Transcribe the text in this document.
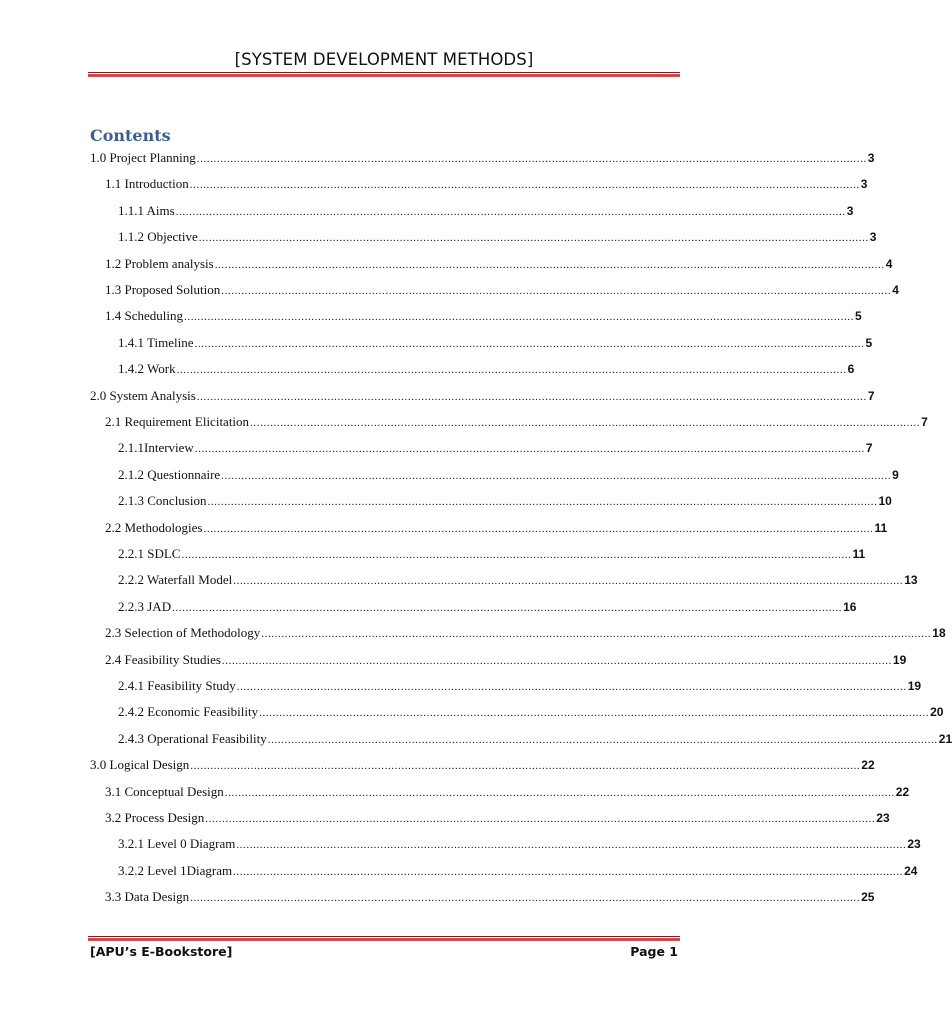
[SYSTEM DEVELOPMENT METHODS]
Contents
1.0 Project Planning ........................................................................................................................................................................................................ 3
1.1 Introduction ........................................................................................................................................................................................................ 3
1.1.1 Aims ........................................................................................................................................................................................................ 3
1.1.2 Objective ........................................................................................................................................................................................................ 3
1.2 Problem analysis ........................................................................................................................................................................................................ 4
1.3 Proposed Solution ........................................................................................................................................................................................................ 4
1.4 Scheduling ........................................................................................................................................................................................................ 5
1.4.1 Timeline ........................................................................................................................................................................................................ 5
1.4.2 Work ........................................................................................................................................................................................................ 6
2.0 System Analysis ........................................................................................................................................................................................................ 7
2.1 Requirement Elicitation ........................................................................................................................................................................................................ 7
2.1.1Interview ........................................................................................................................................................................................................ 7
2.1.2 Questionnaire ........................................................................................................................................................................................................ 9
2.1.3 Conclusion ........................................................................................................................................................................................................ 10
2.2 Methodologies ........................................................................................................................................................................................................ 11
2.2.1 SDLC ........................................................................................................................................................................................................ 11
2.2.2 Waterfall Model ........................................................................................................................................................................................................ 13
2.2.3 JAD ........................................................................................................................................................................................................ 16
2.3 Selection of Methodology ........................................................................................................................................................................................................ 18
2.4 Feasibility Studies ........................................................................................................................................................................................................ 19
2.4.1 Feasibility Study ........................................................................................................................................................................................................ 19
2.4.2 Economic Feasibility ........................................................................................................................................................................................................ 20
2.4.3 Operational Feasibility ........................................................................................................................................................................................................ 21
3.0 Logical Design ........................................................................................................................................................................................................ 22
3.1 Conceptual Design ........................................................................................................................................................................................................ 22
3.2 Process Design ........................................................................................................................................................................................................ 23
3.2.1 Level 0 Diagram ........................................................................................................................................................................................................ 23
3.2.2 Level 1Diagram ........................................................................................................................................................................................................ 24
3.3 Data Design ........................................................................................................................................................................................................ 25
[APU’s E-Bookstore]	Page 1
